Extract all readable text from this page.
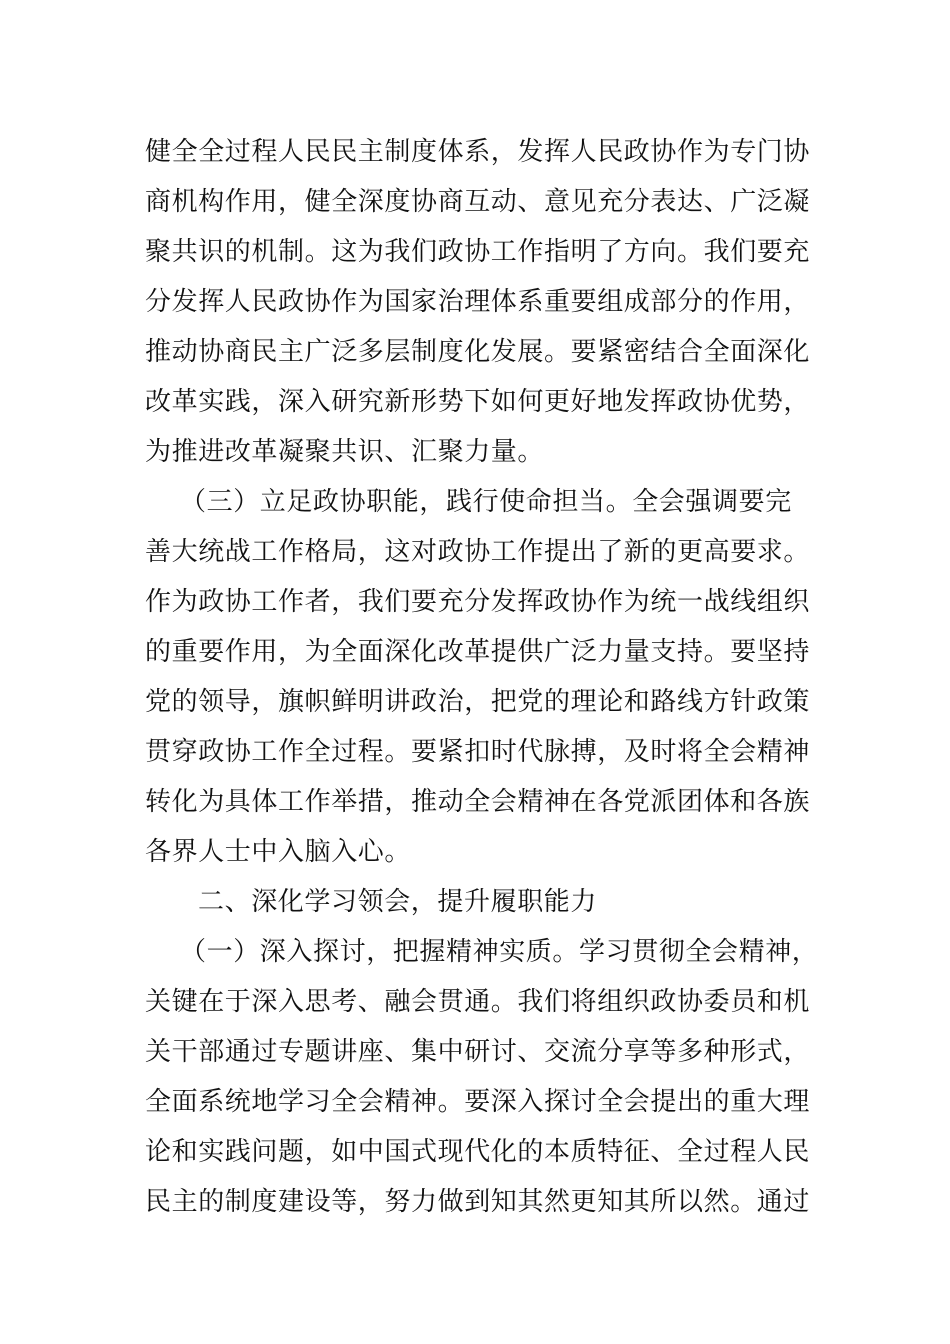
健全全过程人民民主制度体系，发挥人民政协作为专门协
商机构作用，健全深度协商互动、意见充分表达、广泛凝
聚共识的机制。这为我们政协工作指明了方向。我们要充
分发挥人民政协作为国家治理体系重要组成部分的作用，
推动协商民主广泛多层制度化发展。要紧密结合全面深化
改革实践，深入研究新形势下如何更好地发挥政协优势，
为推进改革凝聚共识、汇聚力量。
（三）立足政协职能，践行使命担当。全会强调要完
善大统战工作格局，这对政协工作提出了新的更高要求。
作为政协工作者，我们要充分发挥政协作为统一战线组织
的重要作用，为全面深化改革提供广泛力量支持。要坚持
党的领导，旗帜鲜明讲政治，把党的理论和路线方针政策
贯穿政协工作全过程。要紧扣时代脉搏，及时将全会精神
转化为具体工作举措，推动全会精神在各党派团体和各族
各界人士中入脑入心。
二、深化学习领会，提升履职能力
（一）深入探讨，把握精神实质。学习贯彻全会精神，
关键在于深入思考、融会贯通。我们将组织政协委员和机
关干部通过专题讲座、集中研讨、交流分享等多种形式，
全面系统地学习全会精神。要深入探讨全会提出的重大理
论和实践问题，如中国式现代化的本质特征、全过程人民
民主的制度建设等，努力做到知其然更知其所以然。通过
